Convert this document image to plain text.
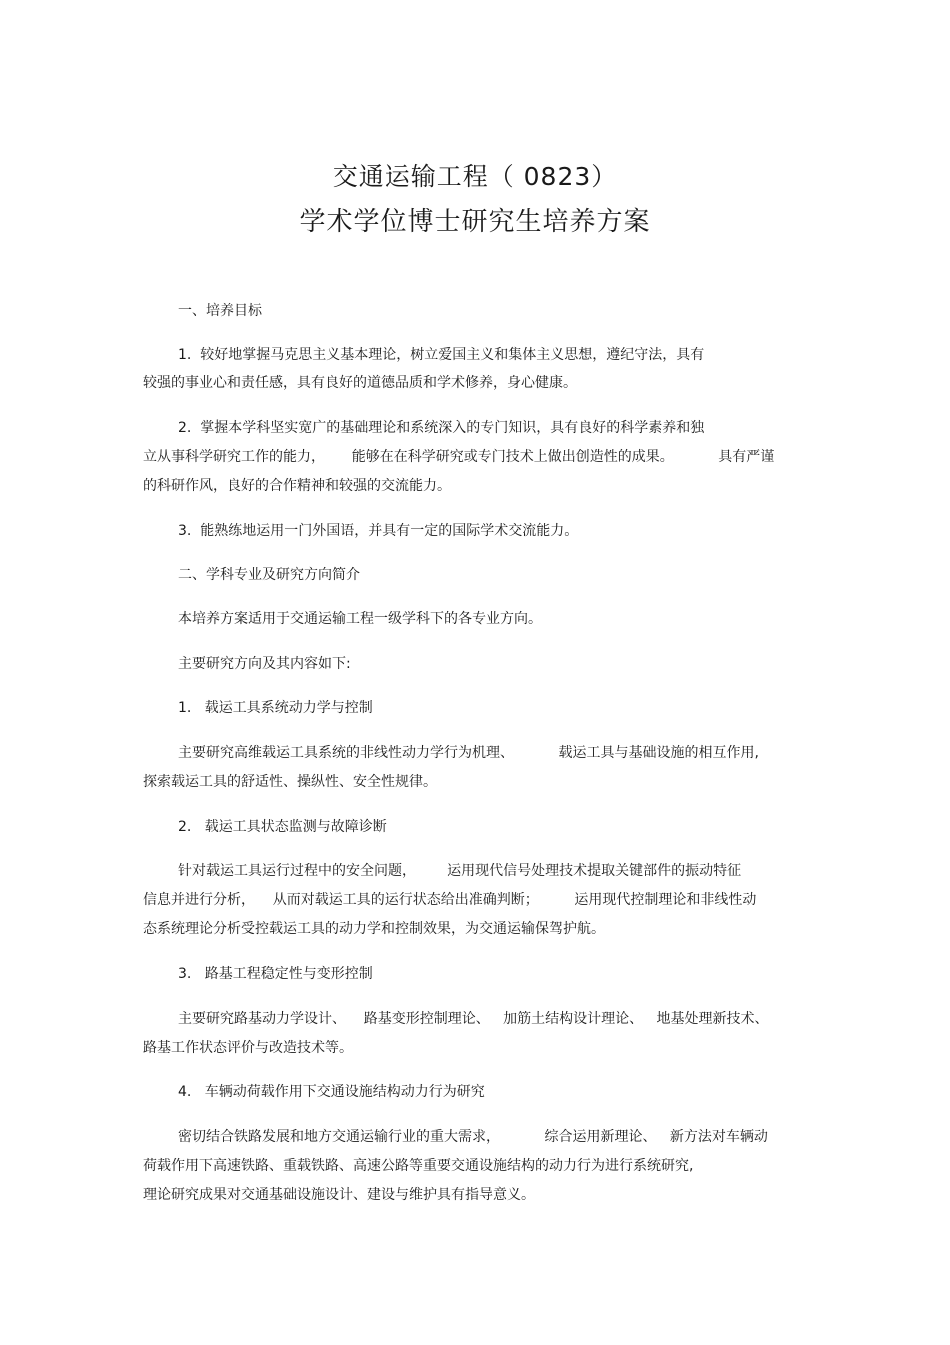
交通运输工程（ 0823）
学术学位博士研究生培养方案
一、培养目标
1.  较好地掌握马克思主义基本理论，树立爱国主义和集体主义思想，遵纪守法，具有
较强的事业心和责任感，具有良好的道德品质和学术修养，身心健康。
2.  掌握本学科坚实宽广的基础理论和系统深入的专门知识，具有良好的科学素养和独
立从事科学研究工作的能力，      能够在在科学研究或专门技术上做出创造性的成果。          具有严谨
的科研作风，良好的合作精神和较强的交流能力。
3.  能熟练地运用一门外国语，并具有一定的国际学术交流能力。
二、学科专业及研究方向简介
本培养方案适用于交通运输工程一级学科下的各专业方向。
主要研究方向及其内容如下:
1.   载运工具系统动力学与控制
主要研究高维载运工具系统的非线性动力学行为机理、          载运工具与基础设施的相互作用,
探索载运工具的舒适性、操纵性、安全性规律。
2.   载运工具状态监测与故障诊断
针对载运工具运行过程中的安全问题，       运用现代信号处理技术提取关键部件的振动特征
信息并进行分析，    从而对载运工具的运行状态给出准确判断；        运用现代控制理论和非线性动
态系统理论分析受控载运工具的动力学和控制效果，为交通运输保驾护航。
3.   路基工程稳定性与变形控制
主要研究路基动力学设计、    路基变形控制理论、   加筋土结构设计理论、   地基处理新技术、
路基工作状态评价与改造技术等。
4.   车辆动荷载作用下交通设施结构动力行为研究
密切结合铁路发展和地方交通运输行业的重大需求，          综合运用新理论、   新方法对车辆动
荷载作用下高速铁路、重载铁路、高速公路等重要交通设施结构的动力行为进行系统研究,
理论研究成果对交通基础设施设计、建设与维护具有指导意义。
